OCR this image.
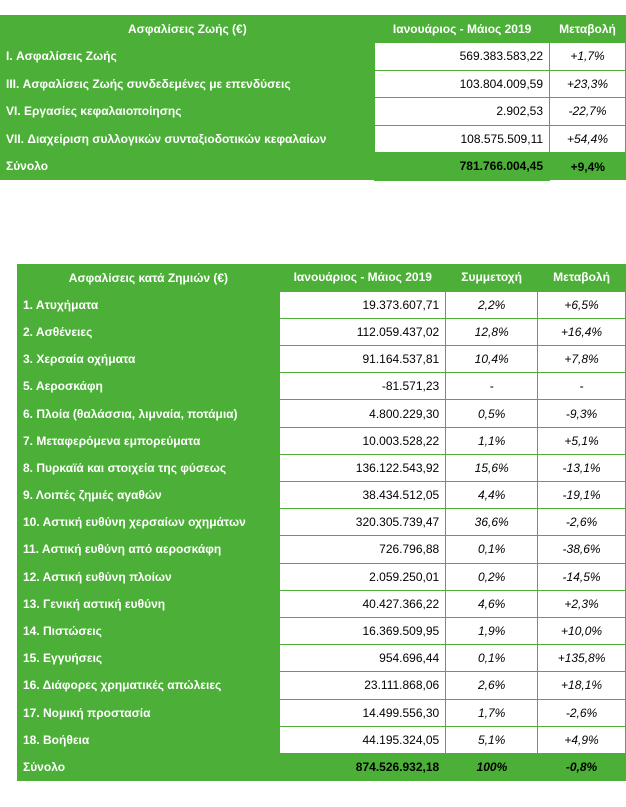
Ασφαλίσεις Ζωής (€)	Ιανουάριος - Μάιος 2019	Μεταβολή
I. Ασφαλίσεις Ζωής	569.383.583,22	+1,7%
III. Ασφαλίσεις Ζωής συνδεδεμένες με επενδύσεις	103.804.009,59	+23,3%
VI. Εργασίες κεφαλαιοποίησης	2.902,53	-22,7%
VII. Διαχείριση συλλογικών συνταξιοδοτικών κεφαλαίων	108.575.509,11	+54,4%
Σύνολο	781.766.004,45	+9,4%
Ασφαλίσεις κατά Ζημιών (€)	Ιανουάριος - Μάιος 2019	Συμμετοχή	Μεταβολή
1. Ατυχήματα	19.373.607,71	2,2%	+6,5%
2. Ασθένειες	112.059.437,02	12,8%	+16,4%
3. Χερσαία οχήματα	91.164.537,81	10,4%	+7,8%
5. Αεροσκάφη	-81.571,23	-	-
6. Πλοία (θαλάσσια, λιμναία, ποτάμια)	4.800.229,30	0,5%	-9,3%
7. Μεταφερόμενα εμπορεύματα	10.003.528,22	1,1%	+5,1%
8. Πυρκαϊά και στοιχεία της φύσεως	136.122.543,92	15,6%	-13,1%
9. Λοιπές ζημιές αγαθών	38.434.512,05	4,4%	-19,1%
10. Αστική ευθύνη χερσαίων οχημάτων	320.305.739,47	36,6%	-2,6%
11. Αστική ευθύνη από αεροσκάφη	726.796,88	0,1%	-38,6%
12. Αστική ευθύνη πλοίων	2.059.250,01	0,2%	-14,5%
13. Γενική αστική ευθύνη	40.427.366,22	4,6%	+2,3%
14. Πιστώσεις	16.369.509,95	1,9%	+10,0%
15. Εγγυήσεις	954.696,44	0,1%	+135,8%
16. Διάφορες χρηματικές απώλειες	23.111.868,06	2,6%	+18,1%
17. Νομική προστασία	14.499.556,30	1,7%	-2,6%
18. Βοήθεια	44.195.324,05	5,1%	+4,9%
Σύνολο	874.526.932,18	100%	-0,8%
